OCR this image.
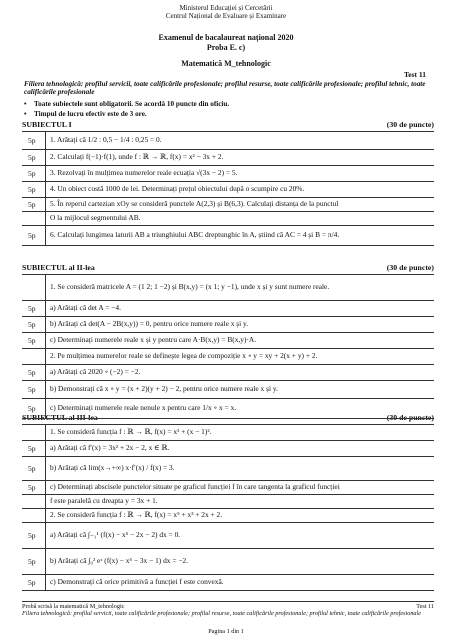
Ministerul Educației și Cercetării
Centrul Național de Evaluare și Examinare
Examenul de bacalaureat național 2020
Proba E. c)
Matematică M_tehnologic
Test 11
Filiera tehnologică: profilul servicii, toate calificările profesionale; profilul resurse, toate calificările profesionale; profilul tehnic, toate calificările profesionale
• Toate subiectele sunt obligatorii. Se acordă 10 puncte din oficiu.
• Timpul de lucru efectiv este de 3 ore.
SUBIECTUL I	(30 de puncte)
SUBIECTUL al II-lea	(30 de puncte)
SUBIECTUL al III-lea	(30 de puncte)
Probă scrisă la matematică M_tehnologic	Test 11
Filiera tehnologică: profilul servicii, toate calificările profesionale; profilul resurse, toate calificările profesionale; profilul tehnic, toate calificările profesionale
Pagina 1 din 1
5p 1. Arătați că 1/2 : 0,5 − 1/4 : 0,25 = 0.
5p 2. Calculați f(−1)·f(1), unde f : ℝ → ℝ, f(x) = x² − 3x + 2.
5p 3. Rezolvați în mulțimea numerelor reale ecuația √(3x − 2) = 5.
5p 4. Un obiect costă 1000 de lei. Determinați prețul obiectului după o scumpire cu 20%.
5p 5. În reperul cartezian xOy se consideră punctele A(2,3) și B(6,3). Calculați distanța de la punctul
O la mijlocul segmentului AB.
5p 6. Calculați lungimea laturii AB a triunghiului ABC dreptunghic în A, știind că AC = 4 și B = π/4.
1. Se consideră matricele A = (1 2; 1 −2) și B(x,y) = (x 1; y −1), unde x și y sunt numere reale.
5p a) Arătați că det A = −4.
5p b) Arătați că det(A − 2B(x,y)) = 0, pentru orice numere reale x și y.
5p c) Determinați numerele reale x și y pentru care A·B(x,y) = B(x,y)·A.
2. Pe mulțimea numerelor reale se definește legea de compoziție x ∘ y = xy + 2(x + y) + 2.
5p a) Arătați că 2020 ∘ (−2) = −2.
5p b) Demonstrați că x ∘ y = (x + 2)(y + 2) − 2, pentru orice numere reale x și y.
5p c) Determinați numerele reale nenule x pentru care 1/x ∘ x = x.
1. Se consideră funcția f : ℝ → ℝ, f(x) = x³ + (x − 1)².
5p a) Arătați că f′(x) = 3x² + 2x − 2, x ∈ ℝ.
5p b) Arătați că lim(x→+∞) x·f′(x) / f(x) = 3.
5p c) Determinați abscisele punctelor situate pe graficul funcției f în care tangenta la graficul funcției
f este paralelă cu dreapta y = 3x + 1.
2. Se consideră funcția f : ℝ → ℝ, f(x) = x⁵ + x³ + 2x + 2.
5p a) Arătați că ∫₋₁¹ (f(x) − x⁵ − 2x − 2) dx = 0.
5p b) Arătați că ∫₀² eˣ (f(x) − x⁵ − 3x − 1) dx = −2.
5p c) Demonstrați că orice primitivă a funcției f este convexă.
